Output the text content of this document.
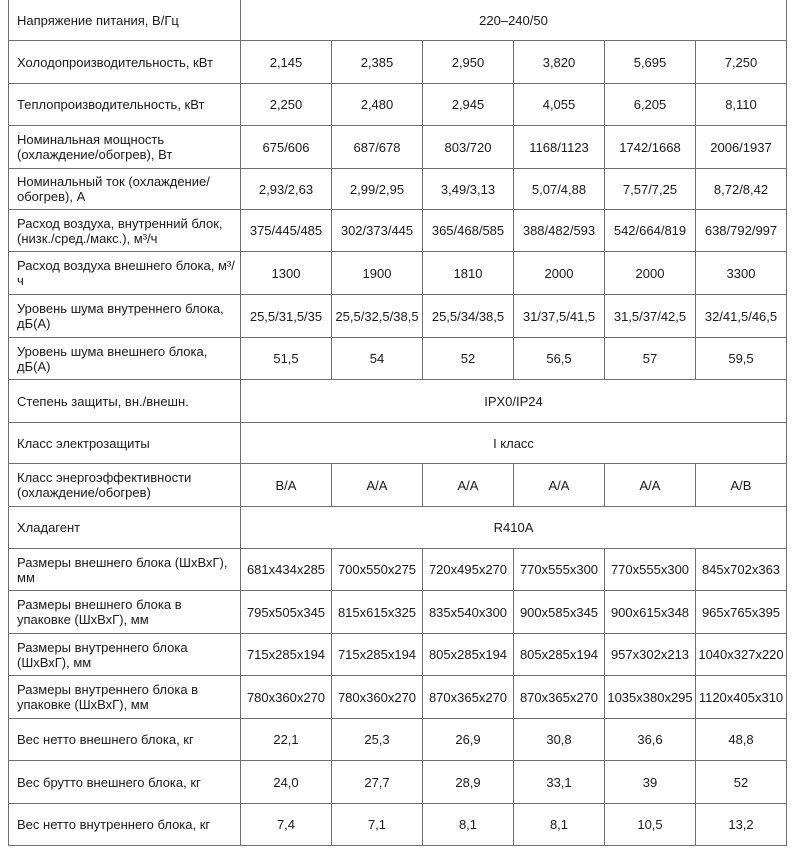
Напряжение питания, В/Гц	220–240/50					
Холодопроизводительность, кВт	2,145	2,385	2,950	3,820	5,695	7,250
Теплопроизводительность, кВт	2,250	2,480	2,945	4,055	6,205	8,110
Номинальная мощность (охлаждение/обогрев), Вт	675/606	687/678	803/720	1168/1123	1742/1668	2006/1937
Номинальный ток (охлаждение/обогрев), А	2,93/2,63	2,99/2,95	3,49/3,13	5,07/4,88	7,57/7,25	8,72/8,42
Расход воздуха, внутренний блок, (низк./сред./макс.), м³/ч	375/445/485	302/373/445	365/468/585	388/482/593	542/664/819	638/792/997
Расход воздуха внешнего блока, м³/ч	1300	1900	1810	2000	2000	3300
Уровень шума внутреннего блока, дБ(А)	25,5/31,5/35	25,5/32,5/38,5	25,5/34/38,5	31/37,5/41,5	31,5/37/42,5	32/41,5/46,5
Уровень шума внешнего блока, дБ(А)	51,5	54	52	56,5	57	59,5
Степень защиты, вн./внешн.	IPX0/IP24					
Класс электрозащиты	I класс					
Класс энергоэффективности (охлаждение/обогрев)	B/A	A/A	A/A	A/A	A/A	A/B
Хладагент	R410A					
Размеры внешнего блока (ШхВхГ), мм	681x434x285	700x550x275	720x495x270	770x555x300	770x555x300	845x702x363
Размеры внешнего блока в упаковке (ШхВхГ), мм	795x505x345	815x615x325	835x540x300	900x585x345	900x615x348	965x765x395
Размеры внутреннего блока (ШхВхГ), мм	715x285x194	715x285x194	805x285x194	805x285x194	957x302x213	1040x327x220
Размеры внутреннего блока в упаковке (ШхВхГ), мм	780x360x270	780x360x270	870x365x270	870x365x270	1035x380x295	1120x405x310
Вес нетто внешнего блока, кг	22,1	25,3	26,9	30,8	36,6	48,8
Вес брутто внешнего блока, кг	24,0	27,7	28,9	33,1	39	52
Вес нетто внутреннего блока, кг	7,4	7,1	8,1	8,1	10,5	13,2
